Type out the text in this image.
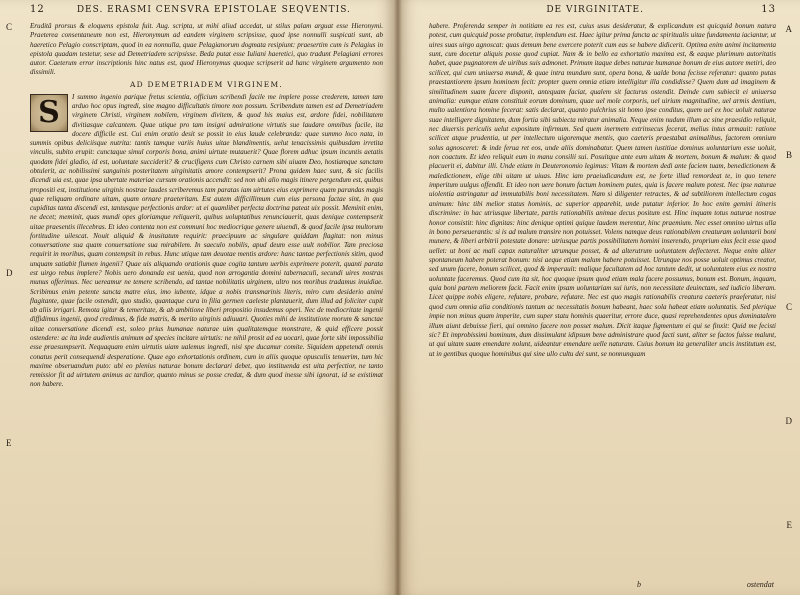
12	DES. ERASMI CENSVRA EPISTOLAE SEQVENTIS.

Eruditâ prorsus & eloquens epistola fuit. Aug. scripta, ut mihi aliud accedat, ut stilus palam arguat esse Hieronymi. Praeterea consentaneum non est, Hieronymum ad eandem virginem scripsisse, quod ipse nonnulli suspicati sunt, ab haeretico Pelagio conscriptam, quod in ea nonnulla, quae Pelagianorum dogmata resipiunt: praesertim cum is Pelagius in epistola quadam testetur, sese ad Demetriadem scripsisse. Beda putat esse Iuliani haeretici, quo tradunt Pelagiani errores autor. Caeterum error inscriptionis hinc natus est, quod Hieronymus quoque scripserit ad hanc virginem argumento non dissimili.

AD DEMETRIADEM VIRGINEM.

S	I summo ingenio parique fretus scientia, officium scribendi facile me implere posse crederem, tamen tam arduo hoc opus ingredi, sine magno difficultatis timore non possum. Scribendum tamen est ad Demetriadem virginem Christi, virginem nobilem, virginem divitem, & quod his maius est, ardore fidei, nobilitatem divitiasque calcantem. Quae utique pro tam insigni admiratione virtutis sue laudare omnibus facile, ita docere difficile est. Cui enim oratio desit se possit in eius laude celebranda: quae summo loco nata, in summis opibus deliciisque nutrita: tantis tamque variis huius uitae blandimentis, uelut tenacissimis quibusdam irretita vinculis, subito erupit: cunctaque simul corporis bona, animi uirtute mutauerit? Quae florem adhuc ipsum incuntis aetatis quodam fidei gladio, id est, uoluntate succiderit? & crucifigens cum Christo carnem sibi uiuam Deo, hostiamque sanctam obtulerit, ac nobilissimi sanguinis posteritatem uirginitatis amore contempserit? Prona quidem haec sunt, & sic facilis dicendi uia est, quae ipsa ubertate materiae cursum orationis accendit: sed non ubi alio magis itinere pergendum est, quibus propositi est, institutione uirginis nostrae laudes scriberemus tam paratas iam uirtutes eius exprimere quam parandas magis quae reliquam ordinare uitam, quam ornare praeteritam. Est autem difficillimum cum eius persona factae sint, in qua cupiditas tanta discendi est, tantusque perfectionis ardor: ut ei quamlibet perfecta doctrina pateat uix possit. Meminit enim, ne decet; meminit, quas mundi opes gloriamque reliquerit, quibus uoluptatibus renunciauerit, quas denique contempserit uitae praesentis illecebras. Et ideo contenta non est communi hoc mediocrique genere uiuendi, & quod facile ipsa multorum fortitudine uilescat. Nouit aliquid & inusitatum requirit: praecipuum ac singulare quiddam flagitat: non minus conuersatione sua quam conuersatione sua mirabilem. In saeculo nobilis, apud deum esse uult nobilior. Tam preciosa requirit in moribus, quam contempsit in rebus. Hunc utique tam deuotae mentis ardore: hanc tantae perfectionis sitim, quod unquam satiabit flumen ingenii? Quae uis aliquando orationis quae cogita tantum uerbis exprimere poterit, quanti parata est uirgo rebus implere? Nobis uero donanda est uenia, quod non arrogantia domini tabernaculi, secundi uires nostras munus offerimus. Nec uereamur ne temere scribendo, ad tantae nobilitatis uirginem, ultro nos moribus tradamus inuidiae. Scribimus enim petente sancta matre eius, imo iubente, idque a nobis transmarinis literis, miro cum desiderio animi flagitante, quae facile ostendit, quo studio, quantaque cura in filia germen caeleste plantauerit, dum illud ad foliciter cupit ab aliis irrigari. Remota igitur & temeritate, & ab ambitione liberi propositio insudemus operi. Nec de mediocritate ingenii diffidimus ingenii, quod credimus, & fide matris, & merito uirginis adiuuari. Quoties mihi de institutione morum & sanctae uitae conuersatione dicendi est, soleo prius humanae naturae uim qualitatemque monstrare, & quid efficere possit ostendere: ac ita inde audientis animum ad species incitare uirtutis: ne nihil prosit ad ea uocari, quae forte sibi impossibilia esse praesumpserit. Nequaquam enim uirtutis uiam ualemus ingredi, nisi spe ducamur comite. Siquidem appetendi omnis conatus perit consequendi desperatione. Quae ego exhortationis ordinem, cum in aliis quoque opusculis tenuerim, tum hic maxime obseruandum puto: ubi eo plenius naturae bonum declarari debet, quo instituenda est uita perfectior, ne tanto remissior fit ad uirtutem animus ac tardior, quanto minus se posse credat, & dum quod inesse sibi ignorat, id se existimat non habere.

C
D
E
DE VIRGINITATE.	13

habere. Proferenda semper in notitiam ea res est, cuius usus desideratur, & explicandum est quicquid bonum natura potest, cum quicquid posse probatur, implendum est. Haec igitur prima fancta ac spiritualis uitae fundamenta iaciantur, ut uires suas uirgo agnoscat: quas demum bene exercere poterit cum eas se habere didicerit. Optima enim animi incitamenta sunt, cum docetur aliquis posse quod cupiat. Nam & in bello ea exhortatio maxima est, & eaque plurimum autoritatis habet, quae pugnatorem de uiribus suis admonet. Primum itaque debes naturae humanae bonum de eius autore metiri, deo scilicet, qui cum uniuersa mundi, & quae intra mundum sunt, opera bona, & ualde bona fecisse referatur: quanto putas praestantiorem ipsum hominem fecit: propter quem omnia etiam intelligitur illa condidisse? Quem dum ad imaginem & similitudinem suam facere disponit, antequam faciat, qualem sit facturus ostendit. Deinde cum subiecit ei uniuersa animalia: eumque etiam constituit eorum dominum, quae uel mole corporis, uel uirium magnitudine, uel armis dentium, multo ualentiora homine fecerat: satis declarat, quanto pulchrius sit homo ipse conditus, quem uel ex hoc uoluit naturae suae intelligere dignitatem, dum fortia sibi subiecta miratur animalia. Neque enim nudum illum ac sine praesidio reliquit, nec diuersis periculis uelut expositum infirmum. Sed quem inermem extrinsecus fecerat, melius intus armauit: ratione scilicet atque prudentia, ut per intellectum uigoremque mentis, quo caeteris praestabat animalibus, factorem omnium solus agnosceret: & inde ferua ret eos, unde aliis dominabatur. Quem tamen iustitiae dominus uoluntarium esse uoluit, non coactum. Et ideo reliquit eum in manu consilii sui. Posuitque ante eum uitam & mortem, bonum & malum: & quod placuerit ei, dabitur illi. Unde etiam in Deuteronomio legimus: Vitam & mortem dedi ante faciem tuam, benedictionem & maledictionem, elige tibi uitam ut uiuas. Hinc iam praeiudicandum est, ne forte illud remordeat te, in quo tenere imperitum uulgus offendit. Et ideo non uere bonum factum hominem putes, quia is facere malum potest. Nec ipse naturae uiolentia astringatur ad immutabilis boni necessitatem. Nam si diligenter retractes, & ad subtiliorem intellectum cogas animum: hinc tibi melior status hominis, ac superior apparebit, unde putatur inferior. In hoc enim gemini itineris discrimine: in hac utriusque libertate, partis rationabilis animae decus positum est. Hinc inquam totus naturae nostrae honor consistit: hinc dignitas: hinc denique optimi quique laudem merentur, hinc praemium. Nec esset omnino uirtus ulla in bono perseuerantis: si is ad malum transire non potuisset. Volens namque deus rationabilem creaturam uoluntarii boni munere, & liberi arbitrii potestate donare: utriusque partis possibilitatem homini inserendo, proprium eius fecit esse quod uellet: ut boni ac mali capax naturaliter utrumque posset, & ad alterutrum uoluntatem deflecteret. Neque enim aliter spontaneum habere poterat bonum: nisi aeque etiam malum habere potuisset. Utrunque nos posse uoluit optimus creator, sed unum facere, bonum scilicet, quod & imperauit: malique facultatem ad hoc tantum dedit, ut uoluntatem eius ex nostra uoluntate faceremus. Quod cum ita sit, hoc quoque ipsum quod etiam mala facere possumus, bonum est. Bonum, inquam, quia boni partem meliorem facit. Facit enim ipsam uoluntariam sui iuris, non necessitate deuinctam, sed iudicio liberam. Licet quippe nobis eligere, refutare, probare, refutare. Nec est quo magis rationabilis creatura caeteris praeferatur, nisi quod cum omnia alia conditionis tantum ac necessitatis bonum habeant, haec sola habeat etiam uoluntatis. Sed plerique impie non minus quam imperite, cum super statu hominis quaeritur, errore duce, quasi reprehendentes opus dominatalem illum aiunt debuisse fieri, qui omnino facere non posset malum. Dicit itaque figmentum ei qui se finxit: Quid me fecisti sic? Et improbissimi hominum, dum dissimulant idipsum bene administrare quod facti sunt, aliter se factos fuisse malunt, ut qui uitam suam emendare nolunt, uideantur emendare uelle naturam. Cuius bonum ita generaliter uncis institutum est, ut in gentibus quoque hominibus qui sine ullo cultu dei sunt, se nonnunquam

A
B
C
D
E
b	ostendat
